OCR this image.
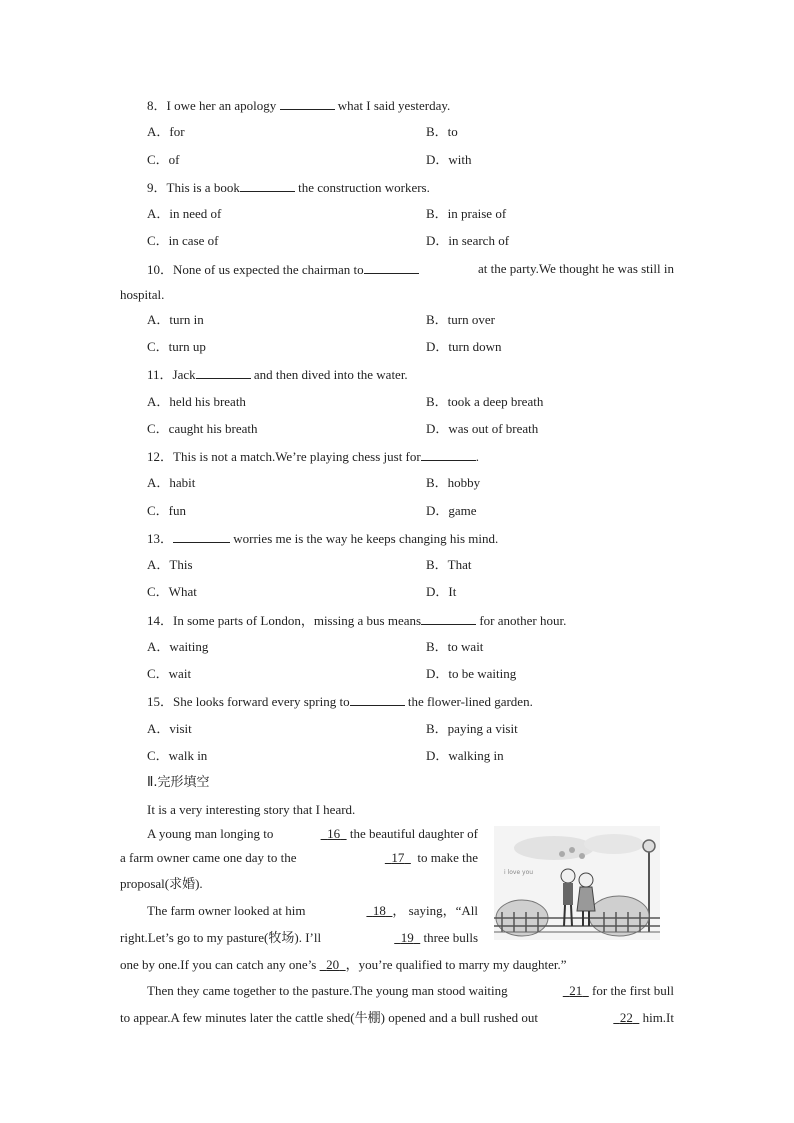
8．I owe her an apology	what I said yesterday.
A．for	B．to
C．of	D．with
9．This is a book	the construction workers.
A．in need of	B．in praise of
C．in case of	D．in search of
10．None of us expected the chairman to	at the party.We thought he was still in
hospital.
A．turn in	B．turn over
C．turn up	D．turn down
11．Jack	and then dived into the water.
A．held his breath	B．took a deep breath
C．caught his breath	D．was out of breath
12．This is not a match.We’re playing chess just for	.
A．habit	B．hobby
C．fun	D．game
13．	worries me is the way he keeps changing his mind.
A．This	B．That
C．What	D．It
14．In some parts of London，missing a bus means	for another hour.
A．waiting	B．to wait
C．wait	D．to be waiting
15．She looks forward every spring to	the flower-lined garden.
A．visit	B．paying a visit
C．walk in	D．walking in
Ⅱ.完形填空
It is a very interesting story that I heard.
A young man longing to	16 the beautiful daughter of
a farm owner came one day to the	17 to make the
proposal(求婚).
The farm owner looked at him	18 ， saying，“All
right.Let’s go to my pasture(牧场). I’ll	19 three bulls
one by one.If you can catch any one’s 20 ，you’re qualified to marry my daughter.”
Then they came together to the pasture.The young man stood waiting	21 for the first bull
to appear.A few minutes later the cattle shed(牛棚) opened and a bull rushed out	22 him.It
i love you
